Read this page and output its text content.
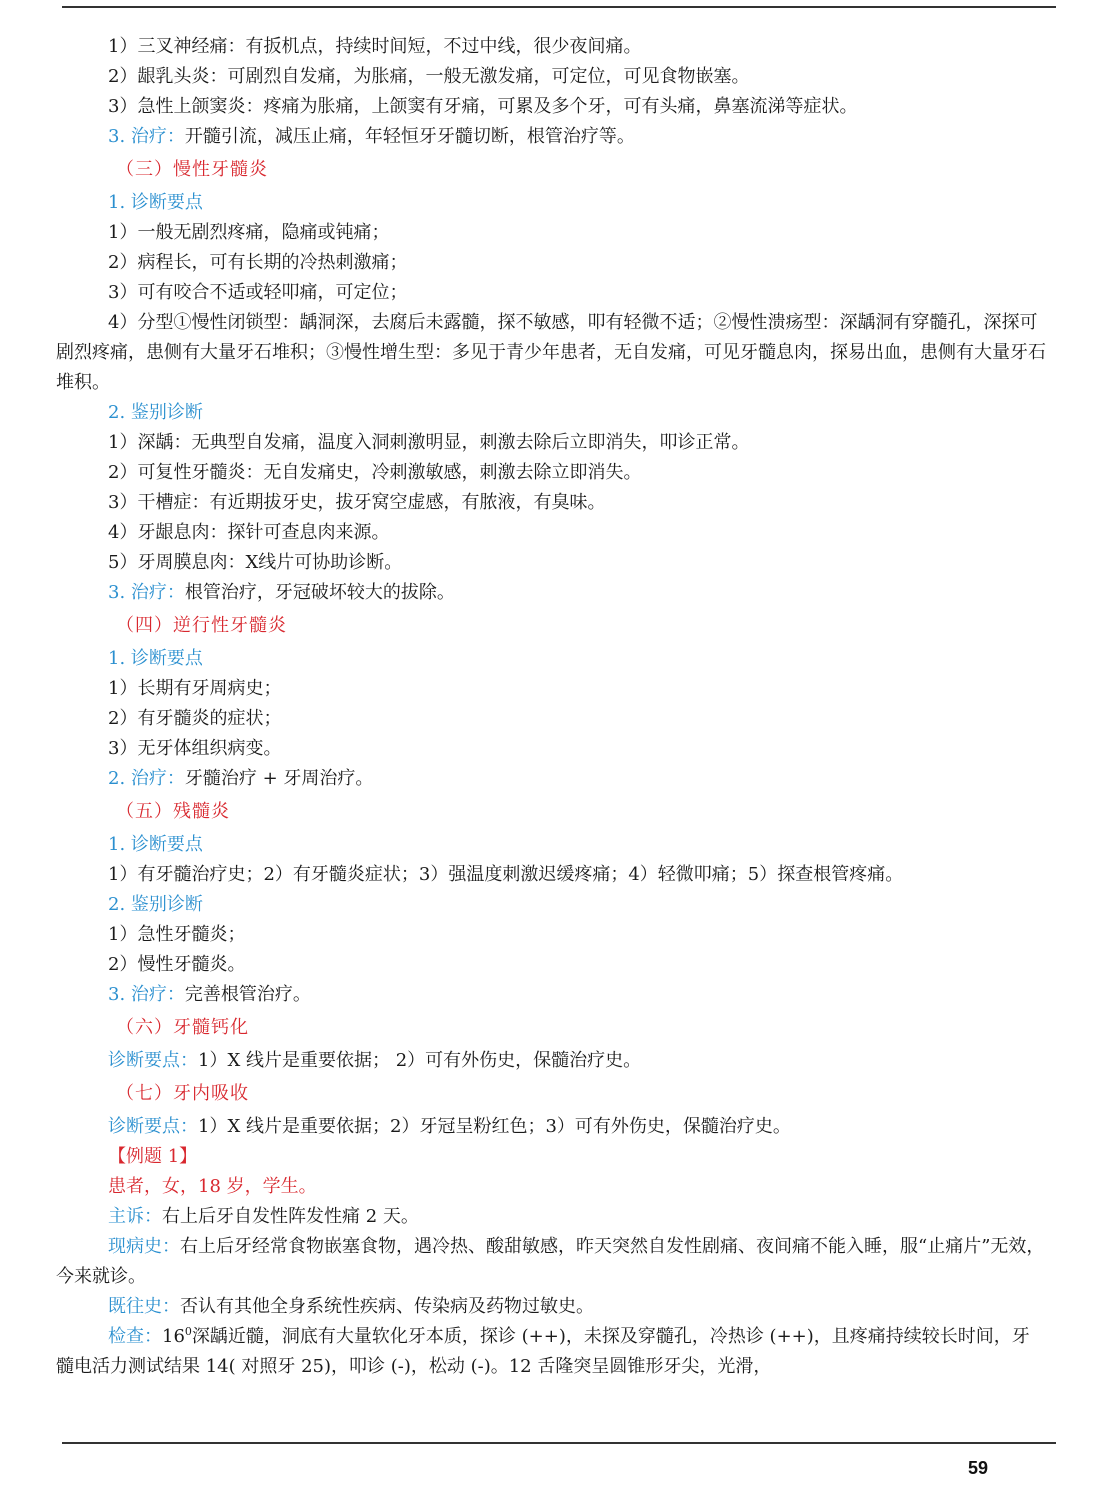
1）三叉神经痛：有扳机点，持续时间短，不过中线，很少夜间痛。
2）龈乳头炎：可剧烈自发痛，为胀痛，一般无激发痛，可定位，可见食物嵌塞。
3）急性上颌窦炎：疼痛为胀痛，上颌窦有牙痛，可累及多个牙，可有头痛，鼻塞流涕等症状。
3. 治疗：开髓引流，减压止痛，年轻恒牙牙髓切断，根管治疗等。
（三）慢性牙髓炎
1. 诊断要点
1）一般无剧烈疼痛，隐痛或钝痛；
2）病程长，可有长期的冷热刺激痛；
3）可有咬合不适或轻叩痛，可定位；
4）分型①慢性闭锁型：龋洞深，去腐后未露髓，探不敏感，叩有轻微不适；②慢性溃疡型：深龋洞有穿髓孔，深探可剧烈疼痛，患侧有大量牙石堆积；③慢性增生型：多见于青少年患者，无自发痛，可见牙髓息肉，探易出血，患侧有大量牙石堆积。
2. 鉴别诊断
1）深龋：无典型自发痛，温度入洞刺激明显，刺激去除后立即消失，叩诊正常。
2）可复性牙髓炎：无自发痛史，冷刺激敏感，刺激去除立即消失。
3）干槽症：有近期拔牙史，拔牙窝空虚感，有脓液，有臭味。
4）牙龈息肉：探针可查息肉来源。
5）牙周膜息肉：X线片可协助诊断。
3. 治疗：根管治疗，牙冠破坏较大的拔除。
（四）逆行性牙髓炎
1. 诊断要点
1）长期有牙周病史；
2）有牙髓炎的症状；
3）无牙体组织病变。
2. 治疗：牙髓治疗 + 牙周治疗。
（五）残髓炎
1. 诊断要点
1）有牙髓治疗史；2）有牙髓炎症状；3）强温度刺激迟缓疼痛；4）轻微叩痛；5）探查根管疼痛。
2. 鉴别诊断
1）急性牙髓炎；
2）慢性牙髓炎。
3. 治疗：完善根管治疗。
（六）牙髓钙化
诊断要点：1）X 线片是重要依据； 2）可有外伤史，保髓治疗史。
（七）牙内吸收
诊断要点：1）X 线片是重要依据；2）牙冠呈粉红色；3）可有外伤史，保髓治疗史。
【例题 1】
患者，女，18 岁，学生。
主诉：右上后牙自发性阵发性痛 2 天。
现病史：右上后牙经常食物嵌塞食物，遇冷热、酸甜敏感，昨天突然自发性剧痛、夜间痛不能入睡，服“止痛片”无效，今来就诊。
既往史：否认有其他全身系统性疾病、传染病及药物过敏史。
检查：$16^0$深龋近髓，洞底有大量软化牙本质，探诊 (++)，未探及穿髓孔，冷热诊 (++)，且疼痛持续较长时间，牙髓电活力测试结果 14( 对照牙 25)，叩诊 (-)，松动 (-)。12 舌隆突呈圆锥形牙尖，光滑，
59
